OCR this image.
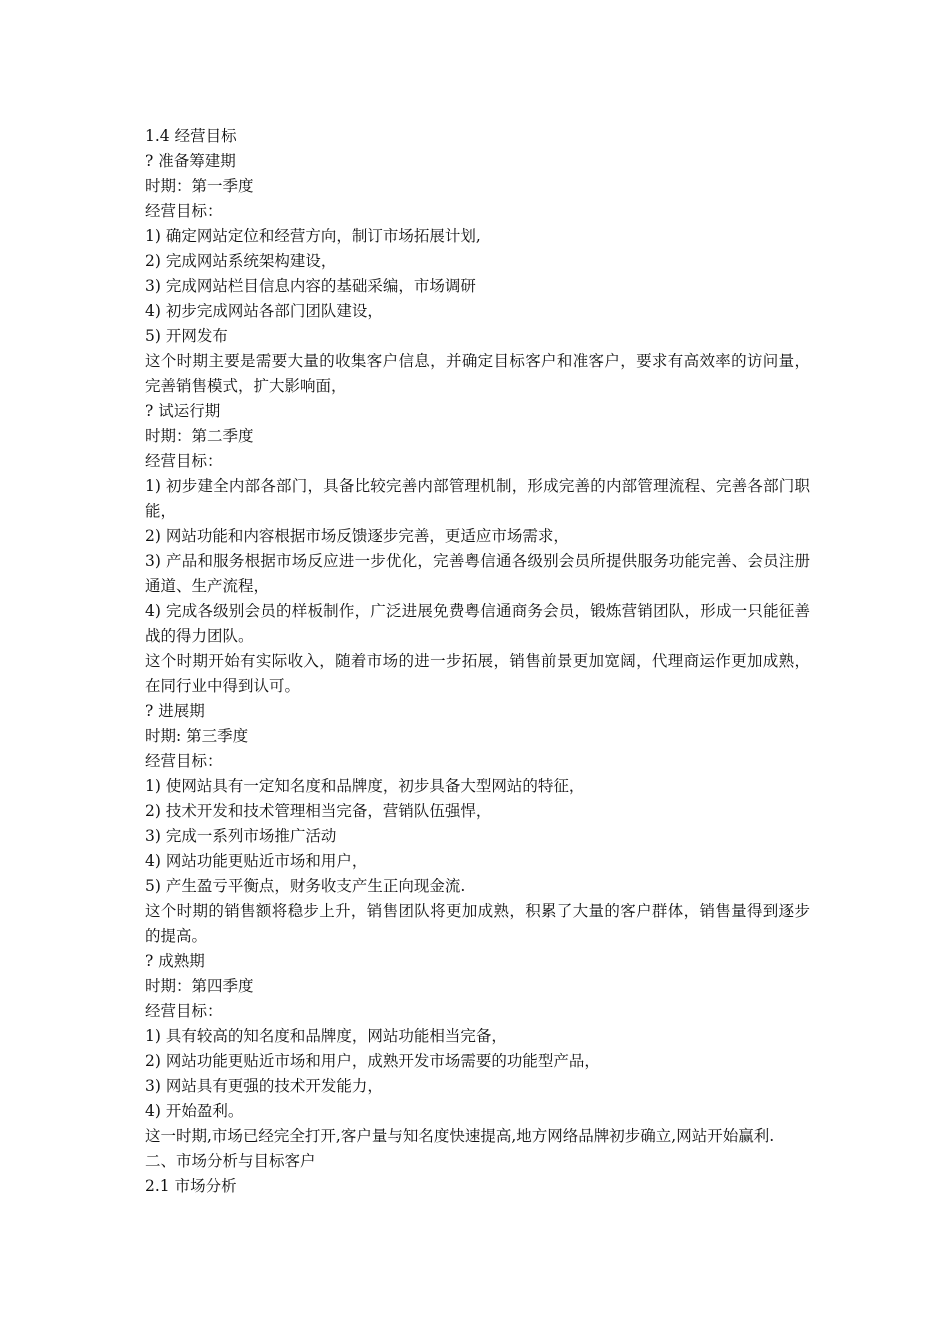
1.4 经营目标
? 准备筹建期
时期：第一季度
经营目标：
1) 确定网站定位和经营方向，制订市场拓展计划,
2) 完成网站系统架构建设，
3) 完成网站栏目信息内容的基础采编，市场调研
4) 初步完成网站各部门团队建设，
5) 开网发布
这个时期主要是需要大量的收集客户信息，并确定目标客户和准客户，要求有高效率的访问量，完善销售模式，扩大影响面，
? 试运行期
时期：第二季度
经营目标：
1) 初步建全内部各部门，具备比较完善内部管理机制，形成完善的内部管理流程、完善各部门职能，
2) 网站功能和内容根据市场反馈逐步完善，更适应市场需求，
3) 产品和服务根据市场反应进一步优化，完善粤信通各级别会员所提供服务功能完善、会员注册通道、生产流程，
4) 完成各级别会员的样板制作，广泛进展免费粤信通商务会员，锻炼营销团队，形成一只能征善战的得力团队。
这个时期开始有实际收入，随着市场的进一步拓展，销售前景更加宽阔，代理商运作更加成熟，在同行业中得到认可。
? 进展期
时期: 第三季度
经营目标：
1) 使网站具有一定知名度和品牌度，初步具备大型网站的特征，
2) 技术开发和技术管理相当完备，营销队伍强悍，
3) 完成一系列市场推广活动
4) 网站功能更贴近市场和用户，
5) 产生盈亏平衡点，财务收支产生正向现金流.
这个时期的销售额将稳步上升，销售团队将更加成熟，积累了大量的客户群体，销售量得到逐步的提高。
? 成熟期
时期：第四季度
经营目标：
1) 具有较高的知名度和品牌度，网站功能相当完备，
2) 网站功能更贴近市场和用户，成熟开发市场需要的功能型产品，
3) 网站具有更强的技术开发能力，
4) 开始盈利。
这一时期,市场已经完全打开,客户量与知名度快速提高,地方网络品牌初步确立,网站开始赢利.
二、市场分析与目标客户
2.1 市场分析
